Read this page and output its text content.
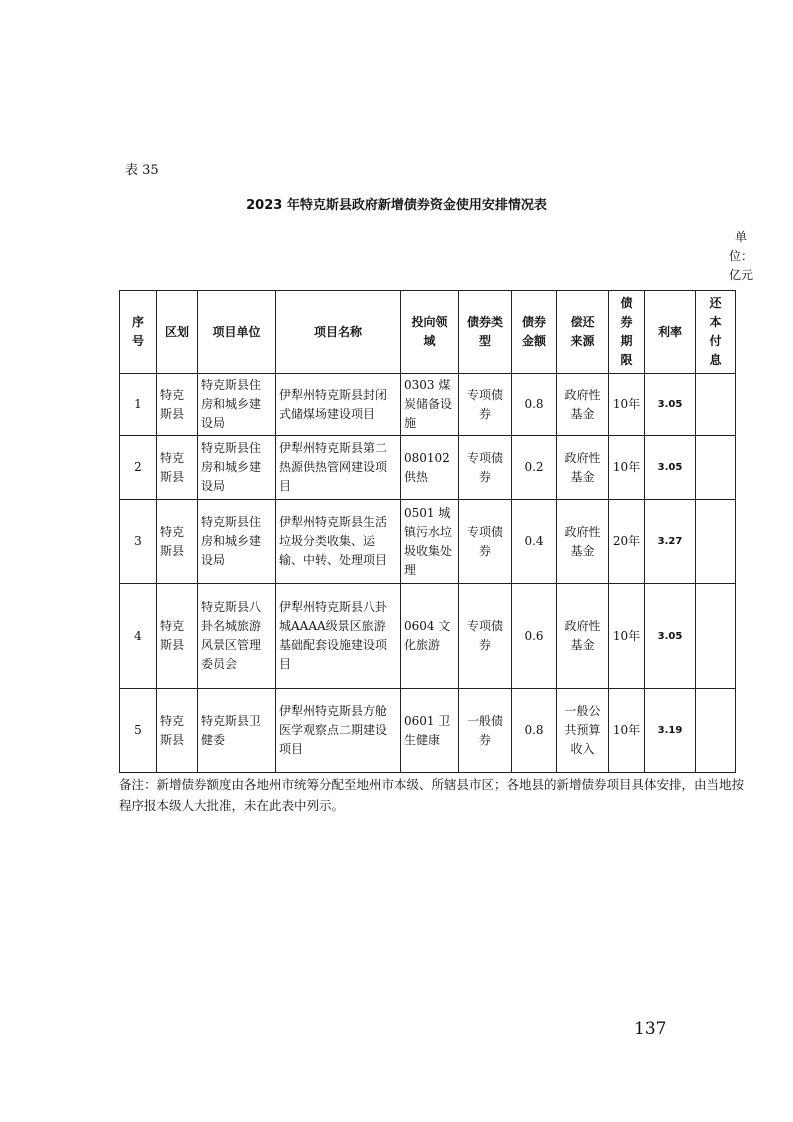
表 35
2023 年特克斯县政府新增债券资金使用安排情况表
单位：亿元
序号	区划	项目单位	项目名称	投向领域	债券类型	债券金额	偿还来源	债券期限	利率	还本付息
1	特克斯县	特克斯县住房和城乡建设局	伊犁州特克斯县封闭式储煤场建设项目	0303 煤炭储备设施	专项债券	0.8	政府性基金	10年	3.05	
2	特克斯县	特克斯县住房和城乡建设局	伊犁州特克斯县第二热源供热管网建设项目	080102 供热	专项债券	0.2	政府性基金	10年	3.05	
3	特克斯县	特克斯县住房和城乡建设局	伊犁州特克斯县生活垃圾分类收集、运输、中转、处理项目	0501 城镇污水垃圾收集处理	专项债券	0.4	政府性基金	20年	3.27	
4	特克斯县	特克斯县八卦名城旅游风景区管理委员会	伊犁州特克斯县八卦城AAAA级景区旅游基础配套设施建设项目	0604 文化旅游	专项债券	0.6	政府性基金	10年	3.05	
5	特克斯县	特克斯县卫健委	伊犁州特克斯县方舱医学观察点二期建设项目	0601 卫生健康	一般债券	0.8	一般公共预算收入	10年	3.19	
备注：新增债券额度由各地州市统筹分配至地州市本级、所辖县市区；各地县的新增债券项目具体安排，由当地按程序报本级人大批准，未在此表中列示。
137
